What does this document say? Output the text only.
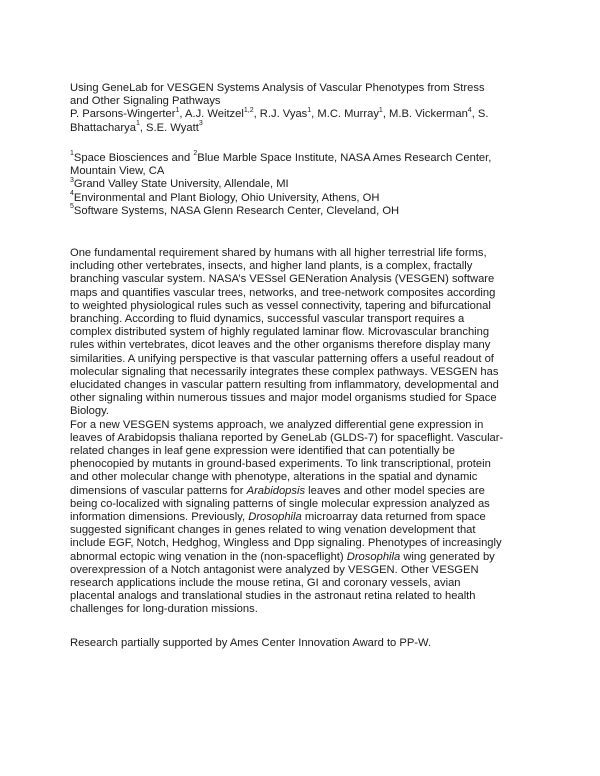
Using GeneLab for VESGEN Systems Analysis of Vascular Phenotypes from Stress
and Other Signaling Pathways
P. Parsons-Wingerter$^1$, A.J. Weitzel$^{1,2}$, R.J. Vyas$^1$, M.C. Murray$^1$, M.B. Vickerman$^4$, S.
Bhattacharya$^1$, S.E. Wyatt$^3$
$^1$Space Biosciences and $^2$Blue Marble Space Institute, NASA Ames Research Center,
Mountain View, CA
$^3$Grand Valley State University, Allendale, MI
$^4$Environmental and Plant Biology, Ohio University, Athens, OH
$^5$Software Systems, NASA Glenn Research Center, Cleveland, OH
One fundamental requirement shared by humans with all higher terrestrial life forms,
including other vertebrates, insects, and higher land plants, is a complex, fractally
branching vascular system. NASA’s VESsel GENeration Analysis (VESGEN) software
maps and quantifies vascular trees, networks, and tree-network composites according
to weighted physiological rules such as vessel connectivity, tapering and bifurcational
branching. According to fluid dynamics, successful vascular transport requires a
complex distributed system of highly regulated laminar flow. Microvascular branching
rules within vertebrates, dicot leaves and the other organisms therefore display many
similarities. A unifying perspective is that vascular patterning offers a useful readout of
molecular signaling that necessarily integrates these complex pathways. VESGEN has
elucidated changes in vascular pattern resulting from inflammatory, developmental and
other signaling within numerous tissues and major model organisms studied for Space
Biology.
For a new VESGEN systems approach, we analyzed differential gene expression in
leaves of Arabidopsis thaliana reported by GeneLab (GLDS-7) for spaceflight. Vascular-
related changes in leaf gene expression were identified that can potentially be
phenocopied by mutants in ground-based experiments. To link transcriptional, protein
and other molecular change with phenotype, alterations in the spatial and dynamic
dimensions of vascular patterns for Arabidopsis leaves and other model species are
being co-localized with signaling patterns of single molecular expression analyzed as
information dimensions. Previously, Drosophila microarray data returned from space
suggested significant changes in genes related to wing venation development that
include EGF, Notch, Hedghog, Wingless and Dpp signaling. Phenotypes of increasingly
abnormal ectopic wing venation in the (non-spaceflight) Drosophila wing generated by
overexpression of a Notch antagonist were analyzed by VESGEN. Other VESGEN
research applications include the mouse retina, GI and coronary vessels, avian
placental analogs and translational studies in the astronaut retina related to health
challenges for long-duration missions.
Research partially supported by Ames Center Innovation Award to PP-W.
